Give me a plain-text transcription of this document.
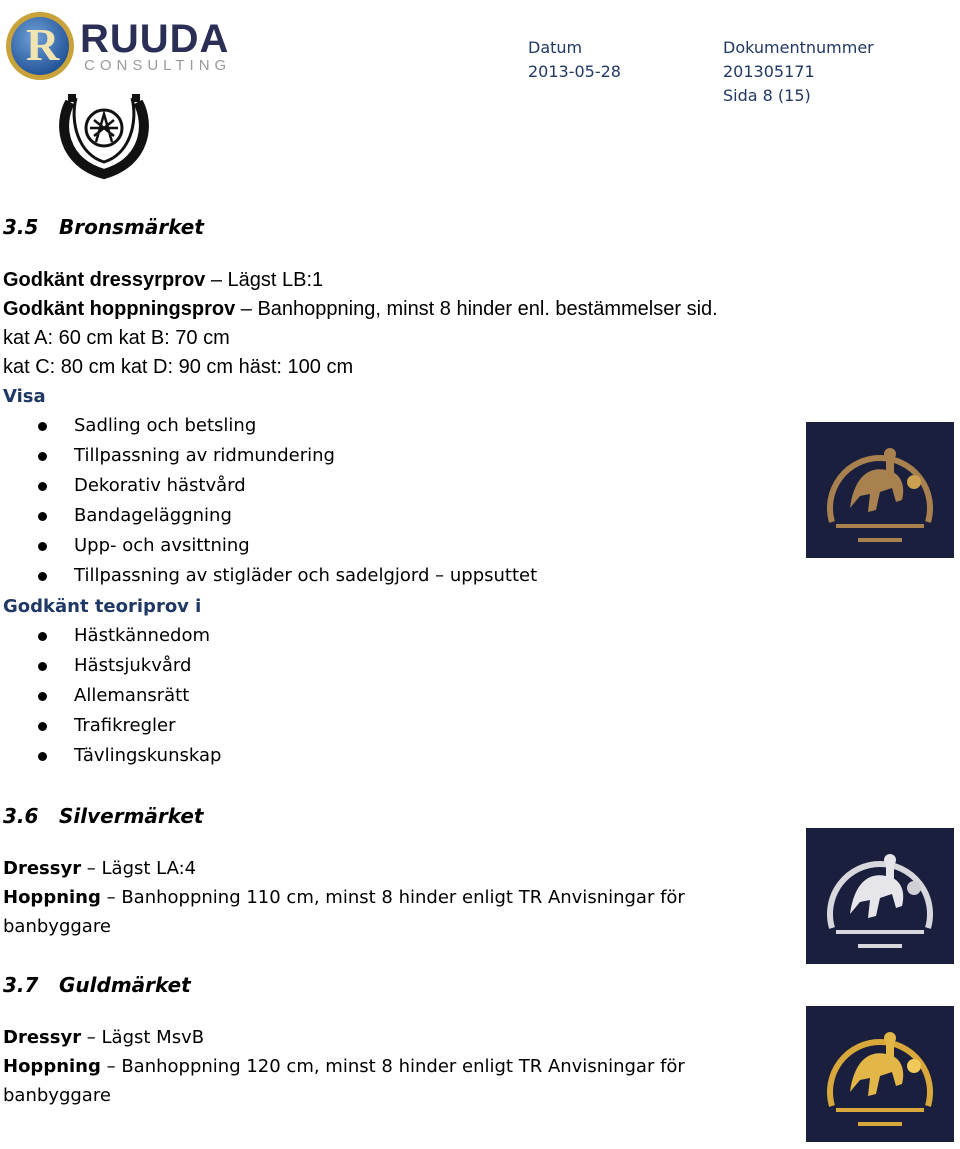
R RUUDA
CONSULTING
Datum
2013-05-28
Dokumentnummer
201305171
Sida 8 (15)
3.5 Bronsmärket
Godkänt dressyrprov – Lägst LB:1
Godkänt hoppningsprov – Banhoppning, minst 8 hinder enl. bestämmelser sid.
kat A: 60 cm kat B: 70 cm
kat C: 80 cm kat D: 90 cm häst: 100 cm
Visa
Sadling och betsling
Tillpassning av ridmundering
Dekorativ hästvård
Bandageläggning
Upp- och avsittning
Tillpassning av stigläder och sadelgjord – uppsuttet
Godkänt teoriprov i
Hästkännedom
Hästsjukvård
Allemansrätt
Trafikregler
Tävlingskunskap
3.6 Silvermärket
Dressyr – Lägst LA:4
Hoppning – Banhoppning 110 cm, minst 8 hinder enligt TR Anvisningar för
banbyggare
3.7 Guldmärket
Dressyr – Lägst MsvB
Hoppning – Banhoppning 120 cm, minst 8 hinder enligt TR Anvisningar för
banbyggare
